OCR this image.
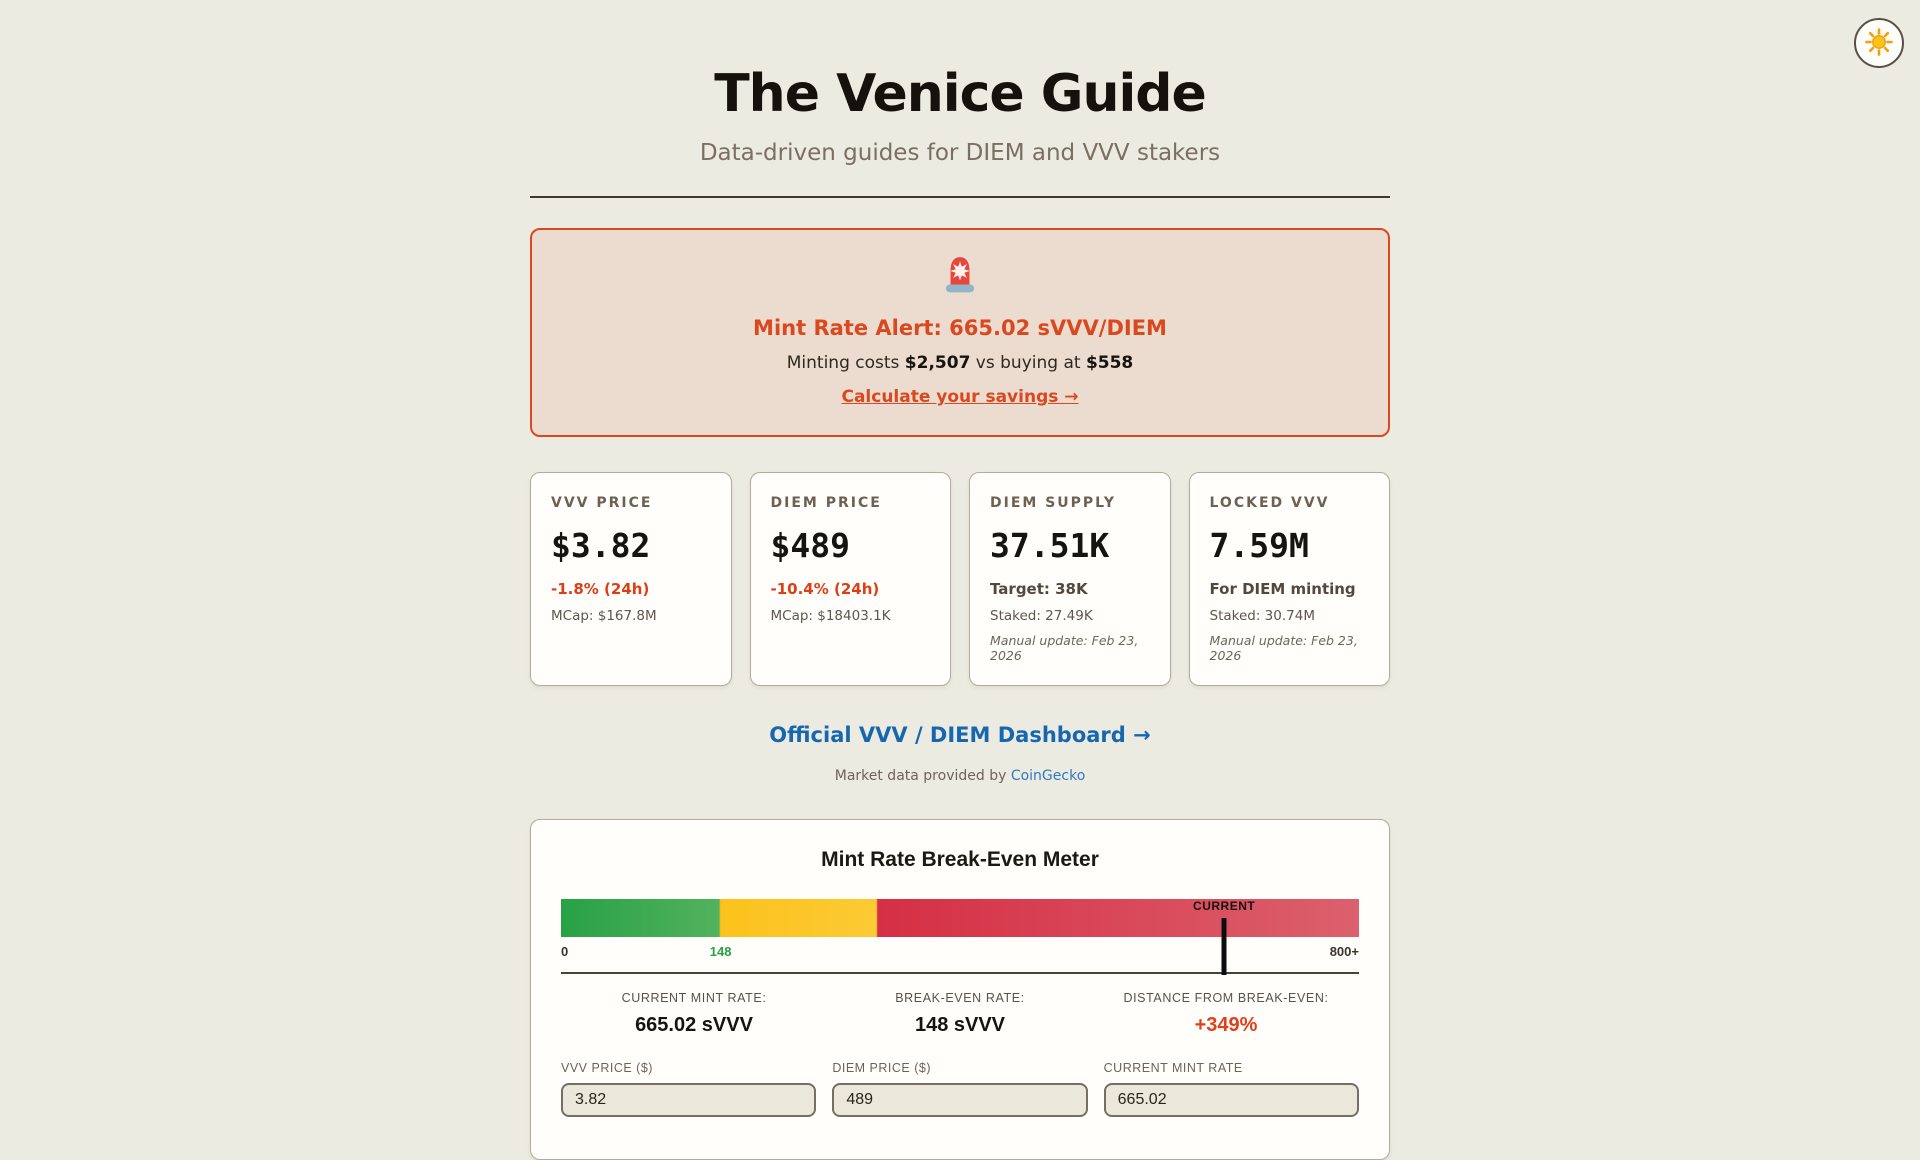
The Venice Guide
Data-driven guides for DIEM and VVV stakers
Mint Rate Alert: 665.02 sVVV/DIEM
Minting costs $2,507 vs buying at $558
Calculate your savings →
VVV PRICE
$3.82
-1.8% (24h)
MCap: $167.8M
DIEM PRICE
$489
-10.4% (24h)
MCap: $18403.1K
DIEM SUPPLY
37.51K
Target: 38K
Staked: 27.49K
Manual update: Feb 23, 2026
LOCKED VVV
7.59M
For DIEM minting
Staked: 30.74M
Manual update: Feb 23, 2026
Official VVV / DIEM Dashboard →
Market data provided by CoinGecko
Mint Rate Break-Even Meter
CURRENT
0	148	800+
CURRENT MINT RATE:
665.02 sVVV
BREAK-EVEN RATE:
148 sVVV
DISTANCE FROM BREAK-EVEN:
+349%
VVV PRICE ($)
3.82	DIEM PRICE ($)
489	CURRENT MINT RATE
665.02
